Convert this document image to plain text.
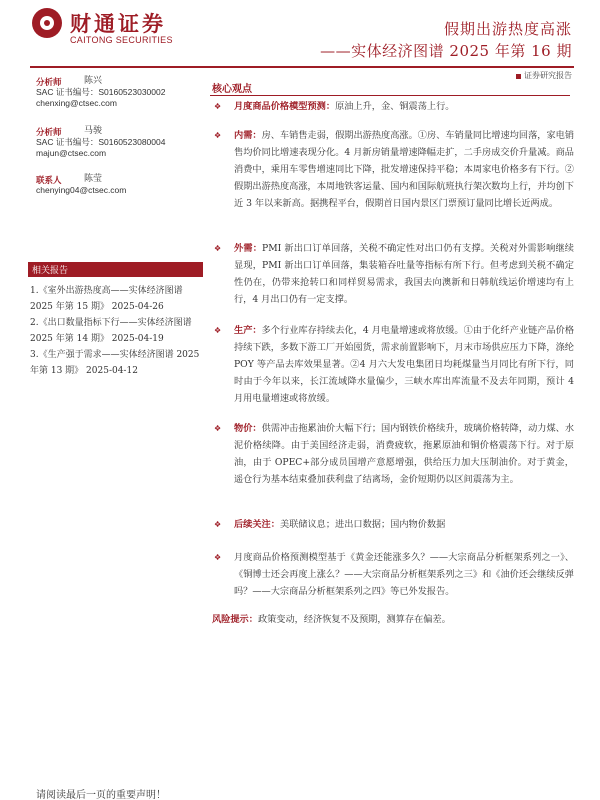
财通证券
CAITONG SECURITIES
假期出游热度高涨
——实体经济图谱 2025 年第 16 期
证券研究报告
分析师 陈兴
SAC 证书编号：S0160523030002
chenxing@ctsec.com
分析师 马骏
SAC 证书编号：S0160523080004
majun@ctsec.com
联系人 陈莹
chenying04@ctsec.com
相关报告
1.《室外出游热度高——实体经济图谱 2025 年第 15 期》 2025-04-26
2.《出口数量指标下行——实体经济图谱 2025 年第 14 期》 2025-04-19
3.《生产强于需求——实体经济图谱 2025 年第 13 期》 2025-04-12
核心观点
❖ 月度商品价格模型预测：原油上升，金、铜震荡上行。
❖ 内需：房、车销售走弱，假期出游热度高涨。①房、车销量同比增速均回落，家电销售均价同比增速表现分化。4 月新房销量增速降幅走扩，二手房成交价升量减。商品消费中，乘用车零售增速同比下降，批发增速保持平稳；本周家电价格多有下行。②假期出游热度高涨，本周地铁客运量、国内和国际航班执行架次数均上行，并均创下近 3 年以来新高。据携程平台，假期首日国内景区门票预订量同比增长近两成。
❖ 外需：PMI 新出口订单回落，关税不确定性对出口仍有支撑。关税对外需影响继续显现，PMI 新出口订单回落，集装箱吞吐量等指标有所下行。但考虑到关税不确定性仍在，仍带来抢转口和同样贸易需求，我国去向澳新和日韩航线运价增速均有上行，4 月出口仍有一定支撑。
❖ 生产：多个行业库存持续去化，4 月电量增速或将放缓。①由于化纤产业链产品价格持续下跌，多数下游工厂开始囤货，需求前置影响下，月末市场供应压力下降，涤纶 POY 等产品去库效果显著。②4 月六大发电集团日均耗煤量当月同比有所下行，同时由于今年以来，长江流域降水量偏少，三峡水库出库流量不及去年同期，预计 4 月用电量增速或将放缓。
❖ 物价：供需冲击拖累油价大幅下行；国内钢铁价格续升，玻璃价格转降，动力煤、水泥价格续降。由于美国经济走弱，消费疲软，拖累原油和铜价格震荡下行。对于原油，由于 OPEC+部分成员国增产意愿增强，供给压力加大压制油价。对于黄金，遥仓行为基本结束叠加获利盘了结离场，金价短期仍以区间震荡为主。
❖ 后续关注：美联储议息；进出口数据；国内物价数据
❖ 月度商品价格预测模型基于《黄金还能涨多久？——大宗商品分析框架系列之一》、《铜博士还会再度上涨么？——大宗商品分析框架系列之三》和《油价还会继续反弹吗？——大宗商品分析框架系列之四》等已外发报告。
风险提示：政策变动，经济恢复不及预期，测算存在偏差。
请阅读最后一页的重要声明！
